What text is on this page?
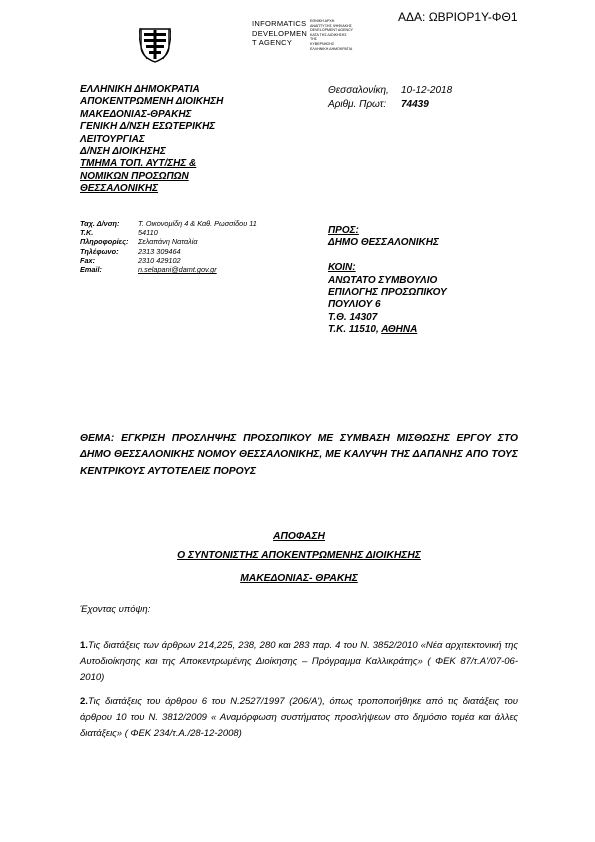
ΑΔΑ: ΩΒΡΙΟΡ1Υ-ΦΘ1
INFORMATICS
DEVELOPMEN
T AGENCY
ΕΘΝΙΚΗ ΑΡΧΗ
ΑΝΑΠΤΥΞΗΣ ΨΗΦΙΑΚΗΣ
DEVELOPMENT AGENCY
ΚΑΤΑ ΤΗΣ ΔΙΟΙΚΗΣΗΣ
ΤΗΣ
ΚΥΒΕΡΝΗΣΗΣ
ΕΛΛΗΝΙΚΗ ΔΗΜΟΚΡΑΤΙΑ
ΕΛΛΗΝΙΚΗ ΔΗΜΟΚΡΑΤΙΑ
ΑΠΟΚΕΝΤΡΩΜΕΝΗ ΔΙΟΙΚΗΣΗ
ΜΑΚΕΔΟΝΙΑΣ-ΘΡΑΚΗΣ
ΓΕΝΙΚΗ Δ/ΝΣΗ ΕΣΩΤΕΡΙΚΗΣ
ΛΕΙΤΟΥΡΓΙΑΣ
Δ/ΝΣΗ ΔΙΟΙΚΗΣΗΣ
ΤΜΗΜΑ ΤΟΠ. ΑΥΤ/ΣΗΣ &
ΝΟΜΙΚΩΝ ΠΡΟΣΩΠΩΝ
ΘΕΣΣΑΛΟΝΙΚΗΣ
Θεσσαλονίκη, 10-12-2018
Αριθμ. Πρωτ: 74439
Ταχ. Δ/νση:	Τ. Οικονομίδη 4 & Καθ. Ρωσσίδου 11
Τ.Κ.	54110
Πληροφορίες:	Σελαπάνη Ναταλία
Τηλέφωνο:	2313 309464
Fax:	2310 429102
Email:	n.selapani@damt.gov.gr
ΠΡΟΣ:
ΔΗΜΟ ΘΕΣΣΑΛΟΝΙΚΗΣ
ΚΟΙΝ:
ΑΝΩΤΑΤΟ ΣΥΜΒΟΥΛΙΟ
ΕΠΙΛΟΓΗΣ ΠΡΟΣΩΠΙΚΟΥ
ΠΟΥΛΙΟΥ 6
Τ.Θ. 14307
Τ.Κ. 11510, ΑΘΗΝΑ
ΘΕΜΑ: ΕΓΚΡΙΣΗ ΠΡΟΣΛΗΨΗΣ ΠΡΟΣΩΠΙΚΟΥ ΜΕ ΣΥΜΒΑΣΗ ΜΙΣΘΩΣΗΣ ΕΡΓΟΥ ΣΤΟ ΔΗΜΟ ΘΕΣΣΑΛΟΝΙΚΗΣ ΝΟΜΟΥ ΘΕΣΣΑΛΟΝΙΚΗΣ, ΜΕ ΚΑΛΥΨΗ ΤΗΣ ΔΑΠΑΝΗΣ ΑΠΟ ΤΟΥΣ ΚΕΝΤΡΙΚΟΥΣ ΑΥΤΟΤΕΛΕΙΣ ΠΟΡΟΥΣ
ΑΠΟΦΑΣΗ
Ο ΣΥΝΤΟΝΙΣΤΗΣ ΑΠΟΚΕΝΤΡΩΜΕΝΗΣ ΔΙΟΙΚΗΣΗΣ
ΜΑΚΕΔΟΝΙΑΣ- ΘΡΑΚΗΣ
Έχοντας υπόψη:
1.Τις διατάξεις των άρθρων 214,225, 238, 280 και 283 παρ. 4 του Ν. 3852/2010 «Νέα αρχιτεκτονική της Αυτοδιοίκησης και της Αποκεντρωμένης Διοίκησης – Πρόγραμμα Καλλικράτης» ( ΦΕΚ 87/τ.Α'/07-06-2010)
2.Τις διατάξεις του άρθρου 6 του Ν.2527/1997 (206/Α'), όπως τροποποιήθηκε από τις διατάξεις του άρθρου 10 του Ν. 3812/2009 « Αναμόρφωση συστήματος προσλήψεων στο δημόσιο τομέα και άλλες διατάξεις» ( ΦΕΚ 234/τ.Α./28-12-2008)
